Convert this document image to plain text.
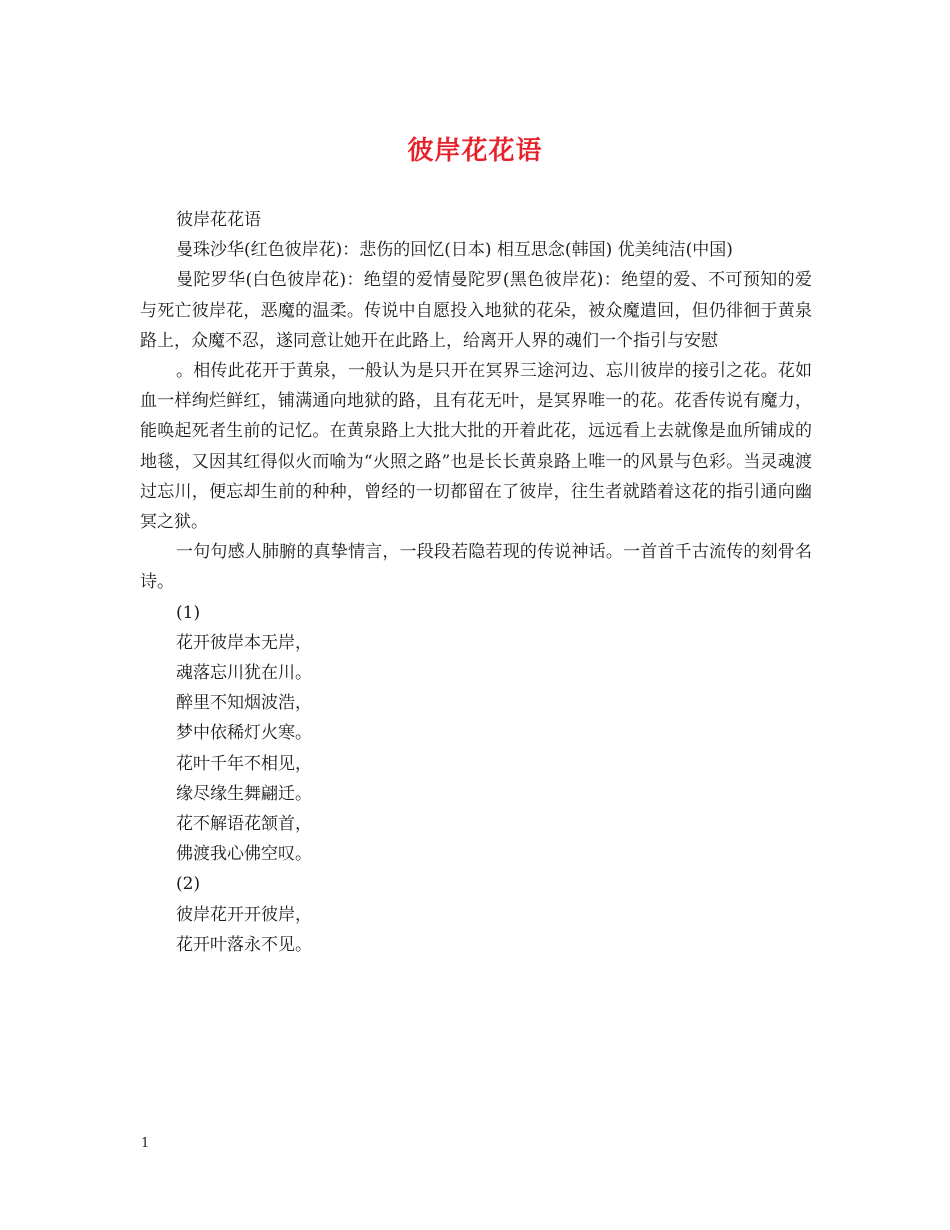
彼岸花花语

彼岸花花语

曼珠沙华(红色彼岸花)：悲伤的回忆(日本) 相互思念(韩国) 优美纯洁(中国)

曼陀罗华(白色彼岸花)：绝望的爱情曼陀罗(黑色彼岸花)：绝望的爱、不可预知的爱与死亡彼岸花，恶魔的温柔。传说中自愿投入地狱的花朵，被众魔遣回，但仍徘徊于黄泉路上，众魔不忍，遂同意让她开在此路上，给离开人界的魂们一个指引与安慰

。相传此花开于黄泉，一般认为是只开在冥界三途河边、忘川彼岸的接引之花。花如血一样绚烂鲜红，铺满通向地狱的路，且有花无叶，是冥界唯一的花。花香传说有魔力，能唤起死者生前的记忆。在黄泉路上大批大批的开着此花，远远看上去就像是血所铺成的地毯，又因其红得似火而喻为“火照之路”也是长长黄泉路上唯一的风景与色彩。当灵魂渡过忘川，便忘却生前的种种，曾经的一切都留在了彼岸，往生者就踏着这花的指引通向幽冥之狱。

一句句感人肺腑的真挚情言，一段段若隐若现的传说神话。一首首千古流传的刻骨名诗。

(1)

花开彼岸本无岸，

魂落忘川犹在川。

醉里不知烟波浩，

梦中依稀灯火寒。

花叶千年不相见，

缘尽缘生舞翩迁。

花不解语花颔首，

佛渡我心佛空叹。

(2)

彼岸花开开彼岸，

花开叶落永不见。

1
